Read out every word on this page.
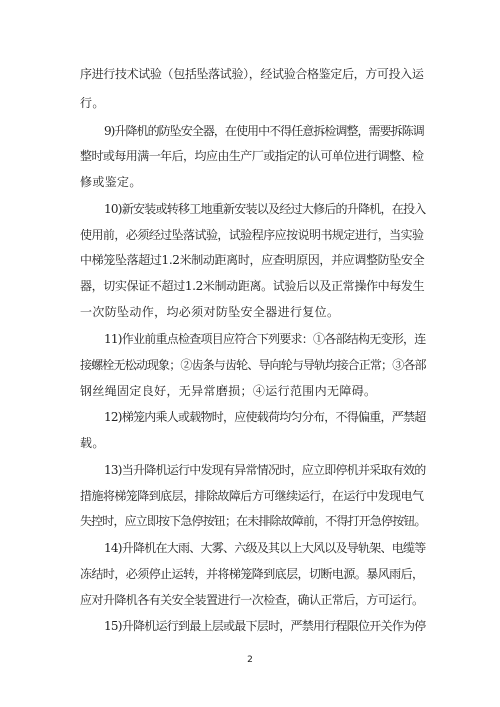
序进行技术试验（包括坠落试验），经试验合格鉴定后，方可投入运
行。
9)升降机的防坠安全器，在使用中不得任意拆检调整，需要拆陈调
整时或每用满一年后，均应由生产厂或指定的认可单位进行调整、检
修或鉴定。
10)新安装或转移工地重新安装以及经过大修后的升降机，在投入
使用前，必须经过坠落试验，试验程序应按说明书规定进行，当实验
中梯笼坠落超过1.2米制动距离时，应查明原因，并应调整防坠安全
器，切实保证不超过1.2米制动距离。试验后以及正常操作中每发生
一次防坠动作，均必须对防坠安全器进行复位。
11)作业前重点检查项目应符合下列要求：①各部结构无变形，连
接螺栓无松动现象；②齿条与齿轮、导向轮与导轨均接合正常；③各部
钢丝绳固定良好，无异常磨损；④运行范围内无障碍。
12)梯笼内乘人或载物时，应使载荷均匀分布，不得偏重，严禁超
载。
13)当升降机运行中发现有异常情况时，应立即停机并采取有效的
措施将梯笼降到底层，排除故障后方可继续运行，在运行中发现电气
失控时，应立即按下急停按钮；在未排除故障前，不得打开急停按钮。
14)升降机在大雨、大雾、六级及其以上大风以及导轨架、电缆等
冻结时，必须停止运转，并将梯笼降到底层，切断电源。暴风雨后，
应对升降机各有关安全装置进行一次检查，确认正常后，方可运行。
15)升降机运行到最上层或最下层时，严禁用行程限位开关作为停
2
